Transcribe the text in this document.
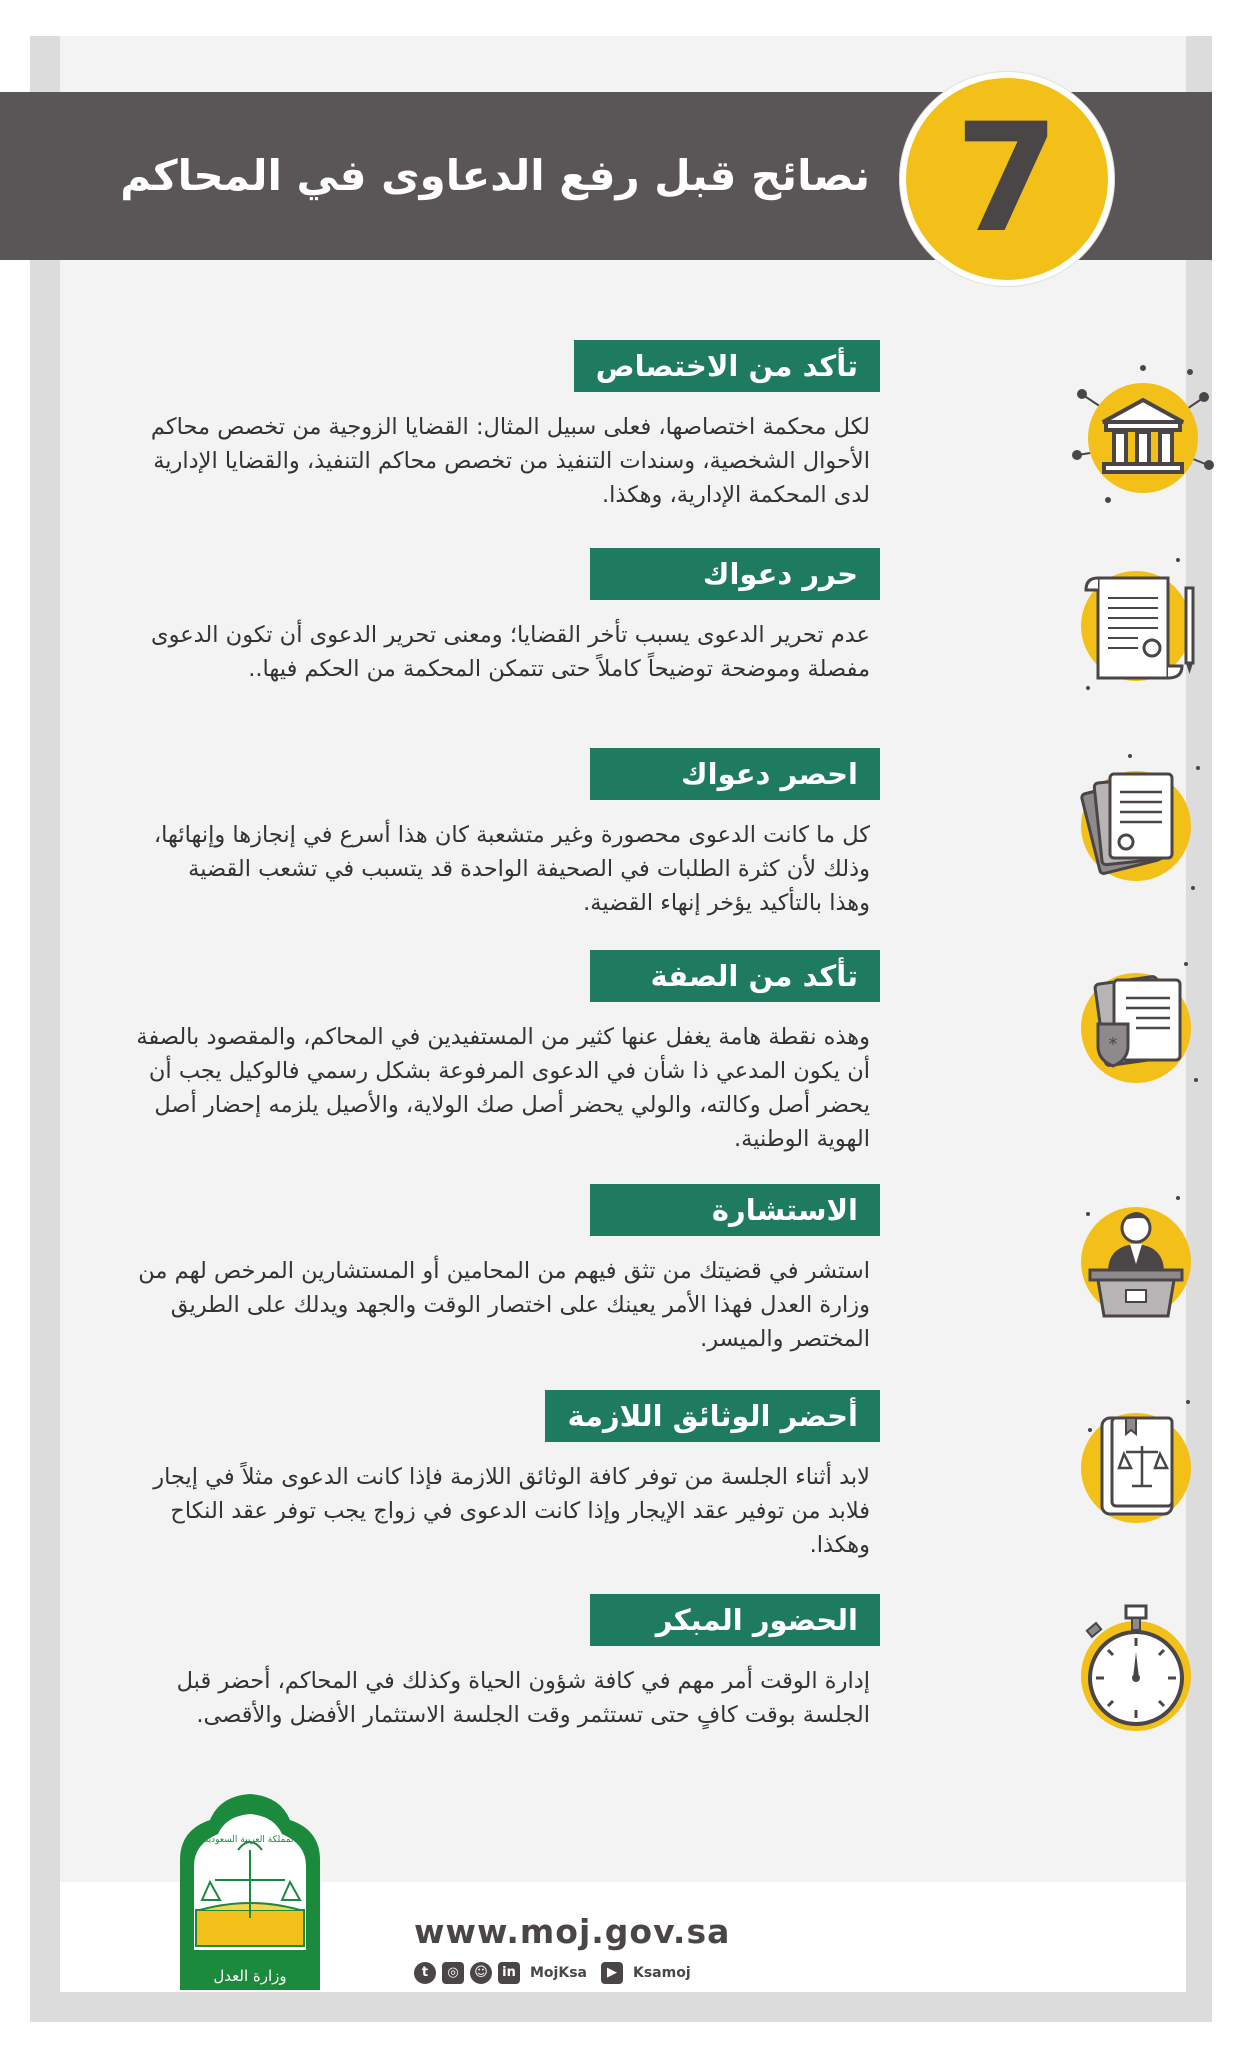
نصائح قبل رفع الدعاوى في المحاكم 7
تأكد من الاختصاص
لكل محكمة اختصاصها، فعلى سبيل المثال: القضايا الزوجية من تخصص محاكم الأحوال الشخصية، وسندات التنفيذ من تخصص محاكم التنفيذ، والقضايا الإدارية لدى المحكمة الإدارية، وهكذا.
حرر دعواك
عدم تحرير الدعوى يسبب تأخر القضايا؛ ومعنى تحرير الدعوى أن تكون الدعوى مفصلة وموضحة توضيحاً كاملاً حتى تتمكن المحكمة من الحكم فيها..
احصر دعواك
كل ما كانت الدعوى محصورة وغير متشعبة كان هذا أسرع في إنجازها وإنهائها، وذلك لأن كثرة الطلبات في الصحيفة الواحدة قد يتسبب في تشعب القضية وهذا بالتأكيد يؤخر إنهاء القضية.
تأكد من الصفة
وهذه نقطة هامة يغفل عنها كثير من المستفيدين في المحاكم، والمقصود بالصفة أن يكون المدعي ذا شأن في الدعوى المرفوعة بشكل رسمي فالوكيل يجب أن يحضر أصل وكالته، والولي يحضر أصل صك الولاية، والأصيل يلزمه إحضار أصل الهوية الوطنية.
*
الاستشارة
استشر في قضيتك من تثق فيهم من المحامين أو المستشارين المرخص لهم من وزارة العدل فهذا الأمر يعينك على اختصار الوقت والجهد ويدلك على الطريق المختصر والميسر.
أحضر الوثائق اللازمة
لابد أثناء الجلسة من توفر كافة الوثائق اللازمة فإذا كانت الدعوى مثلاً في إيجار فلابد من توفير عقد الإيجار وإذا كانت الدعوى في زواج يجب توفر عقد النكاح وهكذا.
الحضور المبكر
إدارة الوقت أمر مهم في كافة شؤون الحياة وكذلك في المحاكم، أحضر قبل الجلسة بوقت كافٍ حتى تستثمر وقت الجلسة الاستثمار الأفضل والأقصى.
المملكة العربية السعودية
وزارة العدل
www.moj.gov.sa
t	◎	☺	in MojKsa	▶	Ksamoj
